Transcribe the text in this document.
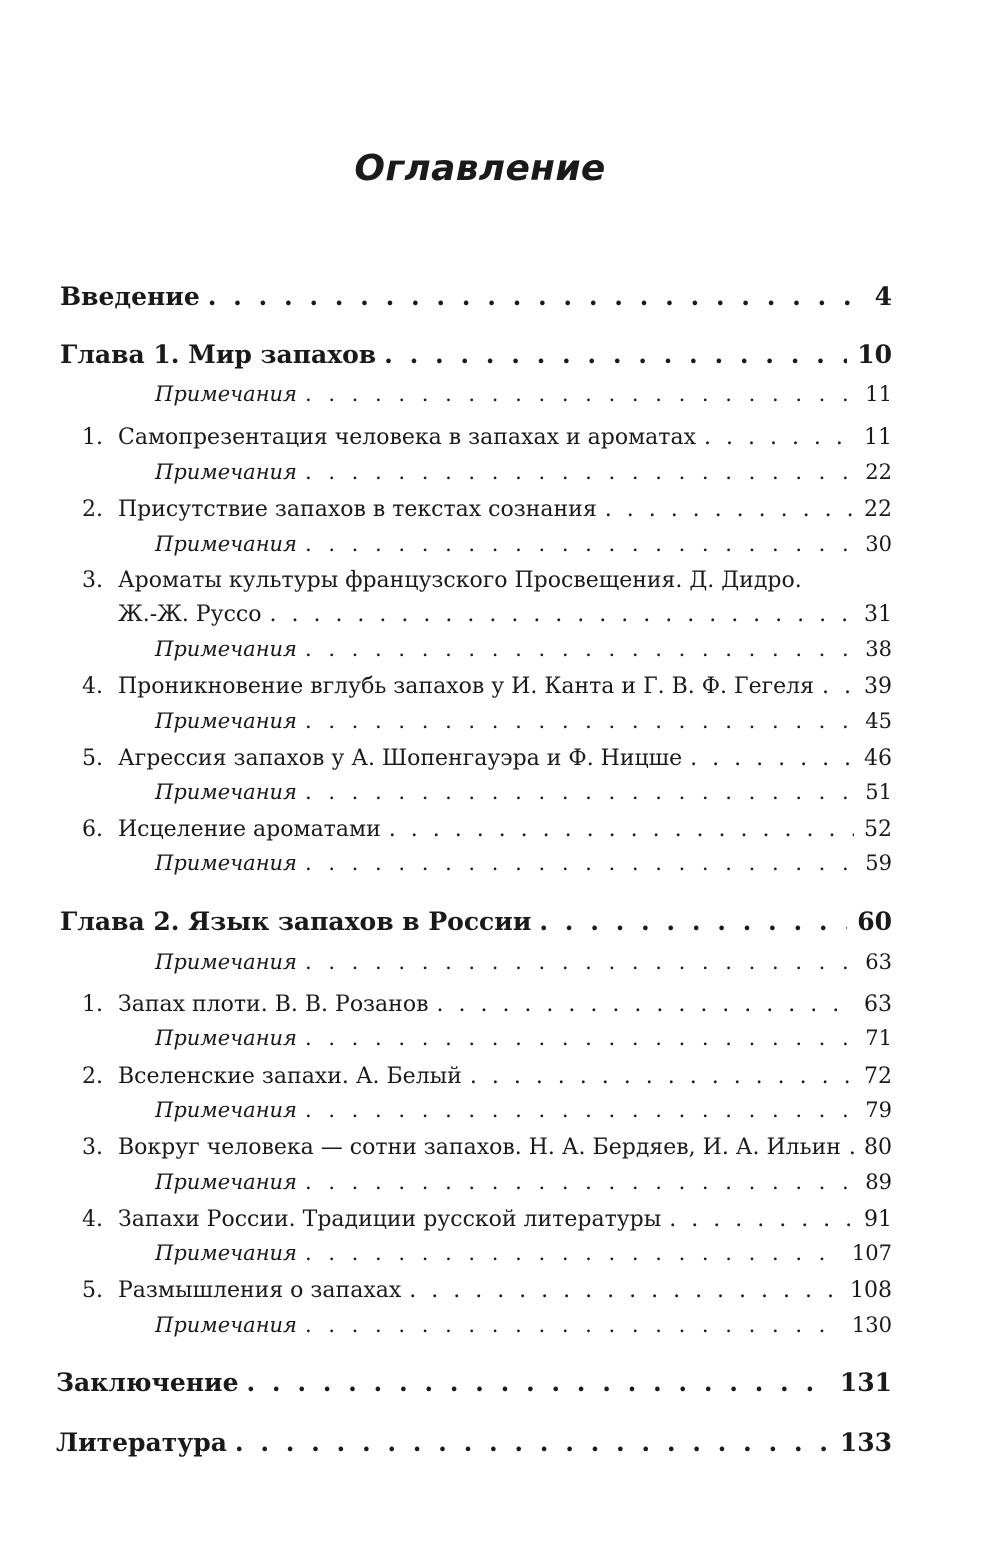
Оглавление
Введение . . .	4
Глава 1. Мир запахов . . .	10
Примечания . . .	11
1. Самопрезентация человека в запахах и ароматах . . .	11
Примечания . . .	22
2. Присутствие запахов в текстах сознания . . .	22
Примечания . . .	30
3. Ароматы культуры французского Просвещения. Д. Дидро.
Ж.-Ж. Руссо . . .	31
Примечания . . .	38
4. Проникновение вглубь запахов у И. Канта и Г. В. Ф. Гегеля . . . 39
Примечания . . .	45
5. Агрессия запахов у А. Шопенгауэра и Ф. Ницше . . .	46
Примечания . . .	51
6. Исцеление ароматами . . .	52
Примечания . . .	59
Глава 2. Язык запахов в России . . .	60
Примечания . . .	63
1. Запах плоти. В. В. Розанов . . .	63
Примечания . . .	71
2. Вселенские запахи. А. Белый . . .	72
Примечания . . .	79
3. Вокруг человека — сотни запахов. Н. А. Бердяев, И. А. Ильин . . . 80
Примечания . . .	89
4. Запахи России. Традиции русской литературы . . .	91
Примечания . . .	107
5. Размышления о запахах . . .	108
Примечания . . .	130
Заключение . . .	131
Литература . . .	133
